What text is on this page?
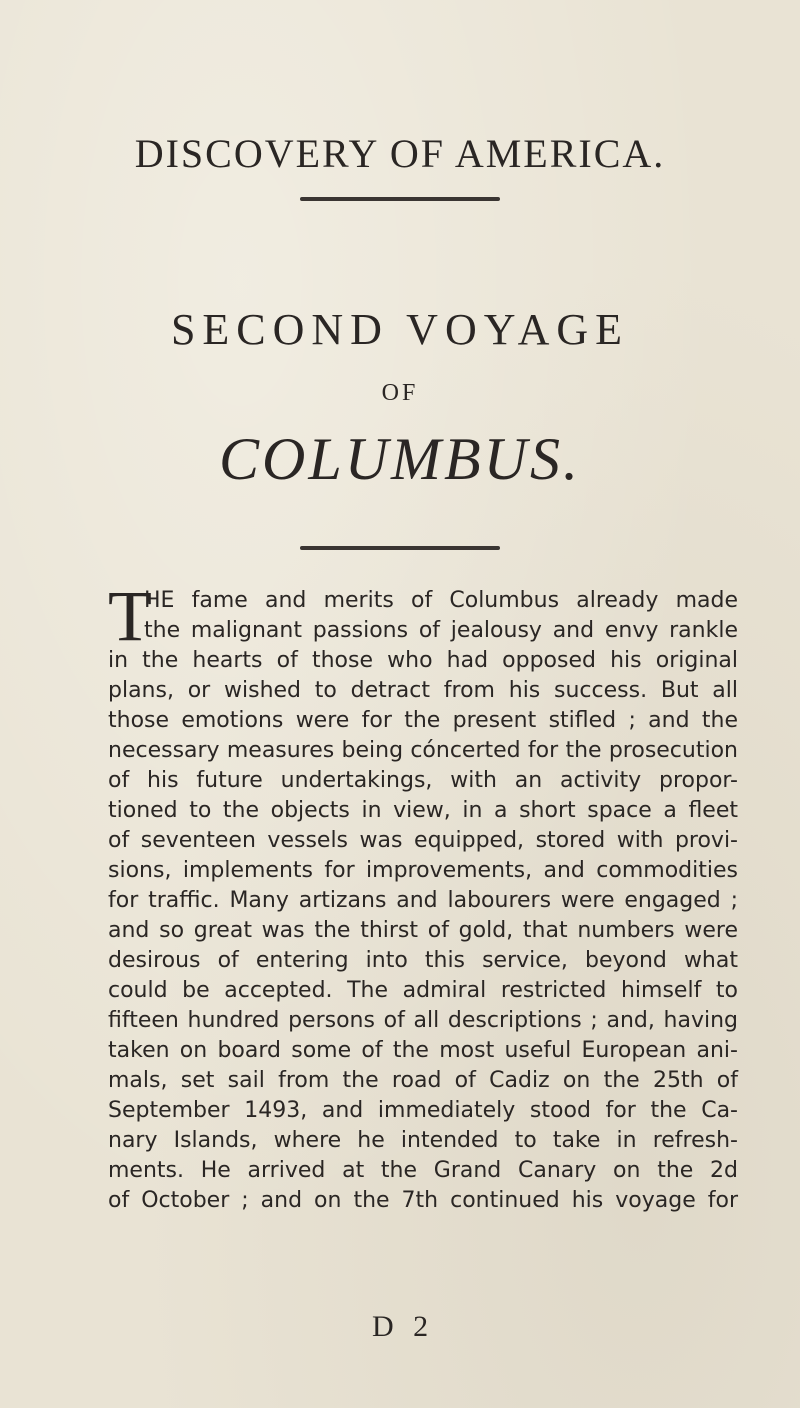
DISCOVERY OF AMERICA.
SECOND VOYAGE
OF
COLUMBUS.
T
HE fame and merits of Columbus already made
the malignant passions of jealousy and envy rankle
in the hearts of those who had opposed his original
plans, or wished to detract from his success. But all
those emotions were for the present stifled ; and the
necessary measures being cóncerted for the prosecution
of his future undertakings, with an activity propor-
tioned to the objects in view, in a short space a fleet
of seventeen vessels was equipped, stored with provi-
sions, implements for improvements, and commodities
for traffic. Many artizans and labourers were engaged ;
and so great was the thirst of gold, that numbers were
desirous of entering into this service, beyond what
could be accepted. The admiral restricted himself to
fifteen hundred persons of all descriptions ; and, having
taken on board some of the most useful European ani-
mals, set sail from the road of Cadiz on the 25th of
September 1493, and immediately stood for the Ca-
nary Islands, where he intended to take in refresh-
ments. He arrived at the Grand Canary on the 2d
of October ; and on the 7th continued his voyage for
D 2
